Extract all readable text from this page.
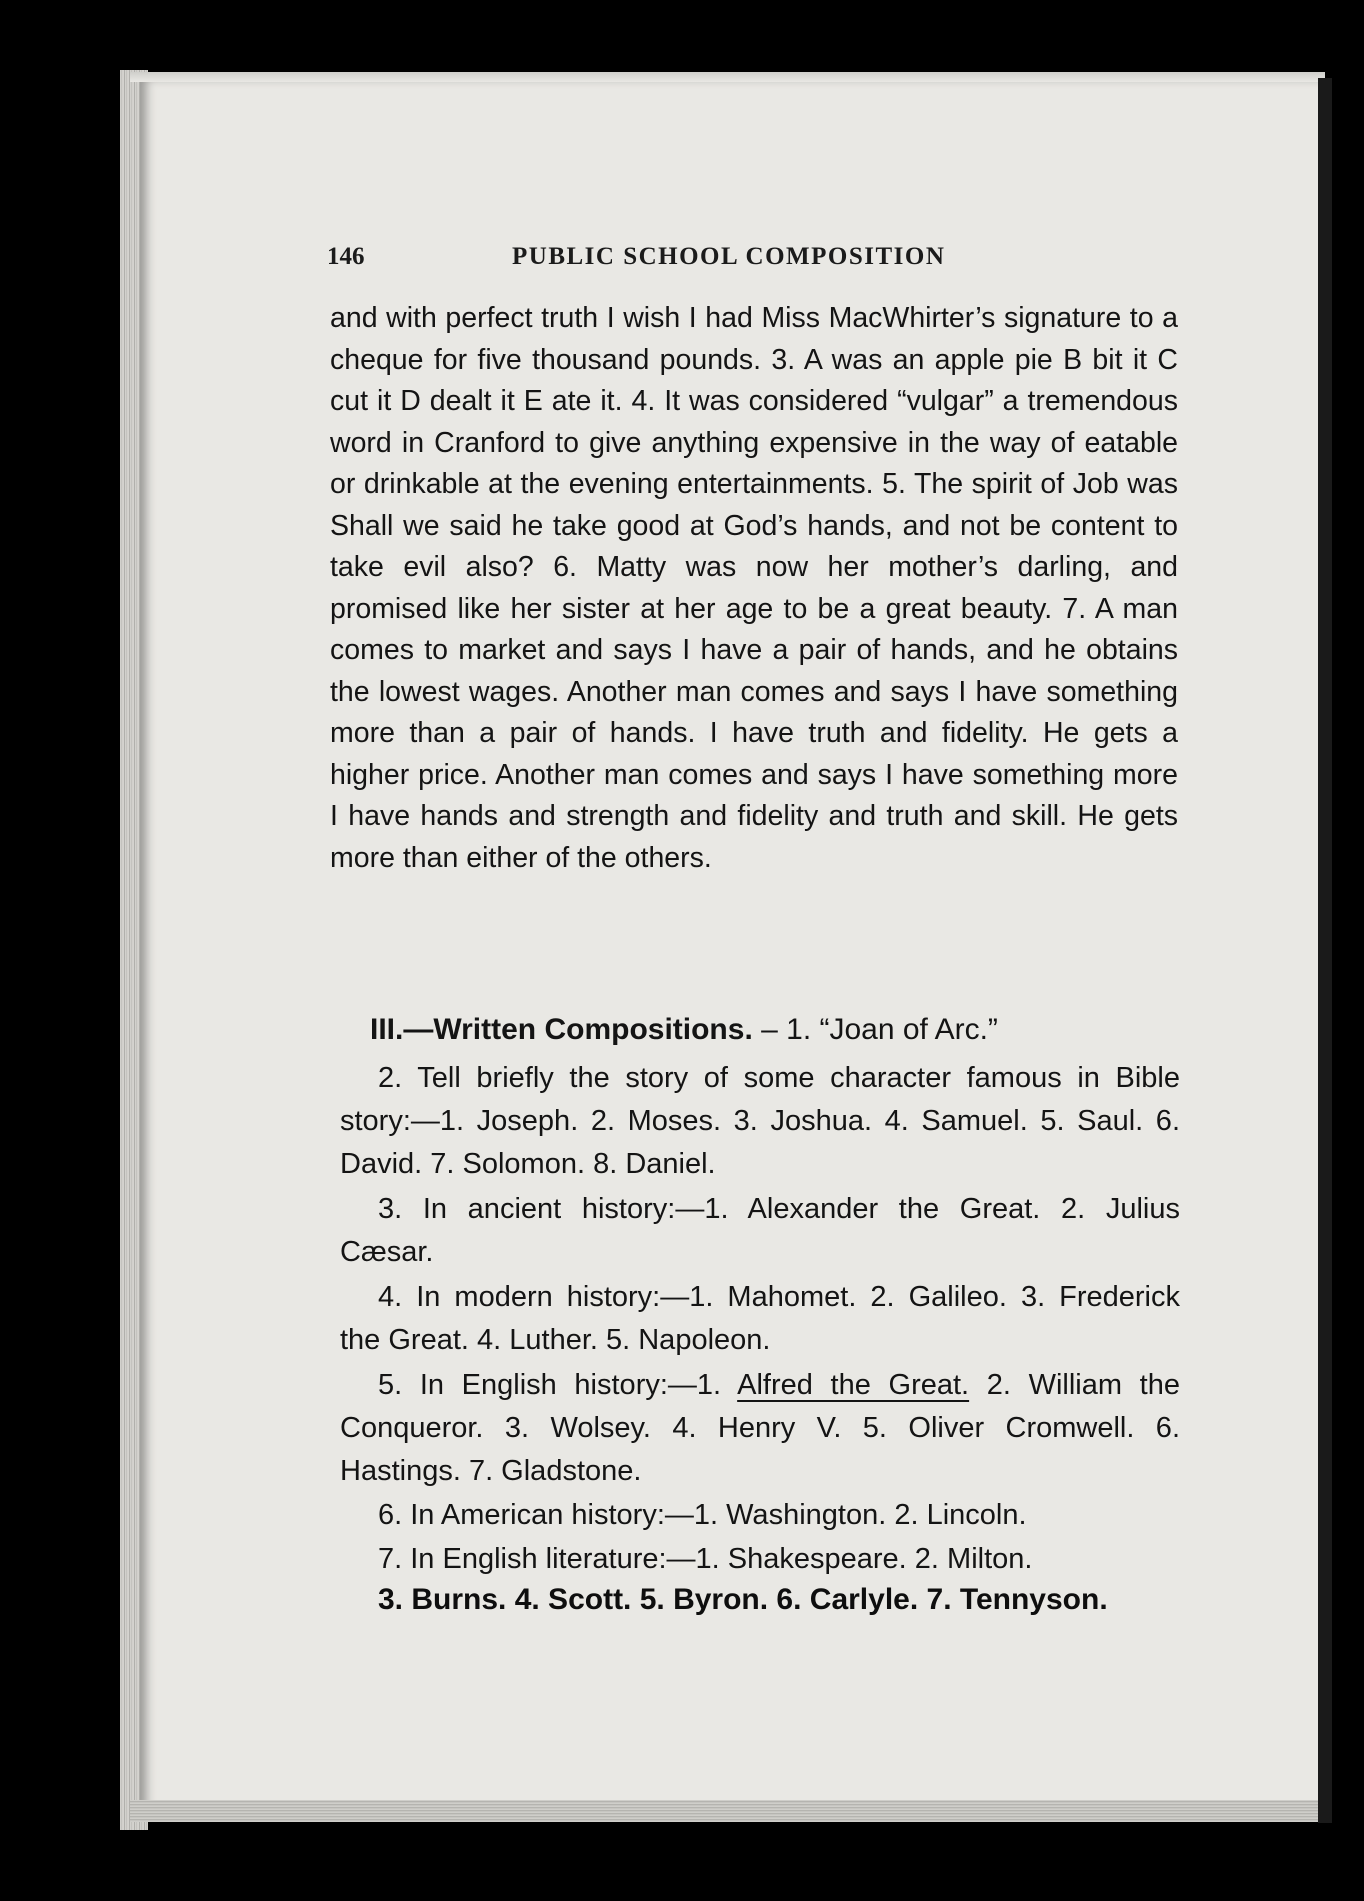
146	PUBLIC SCHOOL COMPOSITION
and with perfect truth I wish I had Miss MacWhirter’s signature to a cheque for five thousand pounds. 3. A was an apple pie B bit it C cut it D dealt it E ate it. 4. It was considered “vulgar” a tremendous word in Cranford to give anything expensive in the way of eatable or drinkable at the evening entertainments. 5. The spirit of Job was Shall we said he take good at God’s hands, and not be content to take evil also? 6. Matty was now her mother’s darling, and promised like her sister at her age to be a great beauty. 7. A man comes to market and says I have a pair of hands, and he obtains the lowest wages. Another man comes and says I have something more than a pair of hands. I have truth and fidelity. He gets a higher price. Another man comes and says I have something more I have hands and strength and fidelity and truth and skill. He gets more than either of the others.
III.—Written Compositions. – 1. “Joan of Arc.”
2. Tell briefly the story of some character famous in Bible story:—1. Joseph. 2. Moses. 3. Joshua. 4. Samuel. 5. Saul. 6. David. 7. Solomon. 8. Daniel.
3. In ancient history:—1. Alexander the Great. 2. Julius Cæsar.
4. In modern history:—1. Mahomet. 2. Galileo. 3. Frederick the Great. 4. Luther. 5. Napoleon.
5. In English history:—1. Alfred the Great. 2. William the Conqueror. 3. Wolsey. 4. Henry V. 5. Oliver Cromwell. 6. Hastings. 7. Gladstone.
6. In American history:—1. Washington. 2. Lincoln.
7. In English literature:—1. Shakespeare. 2. Milton.
3. Burns. 4. Scott. 5. Byron. 6. Carlyle. 7. Tennyson.
